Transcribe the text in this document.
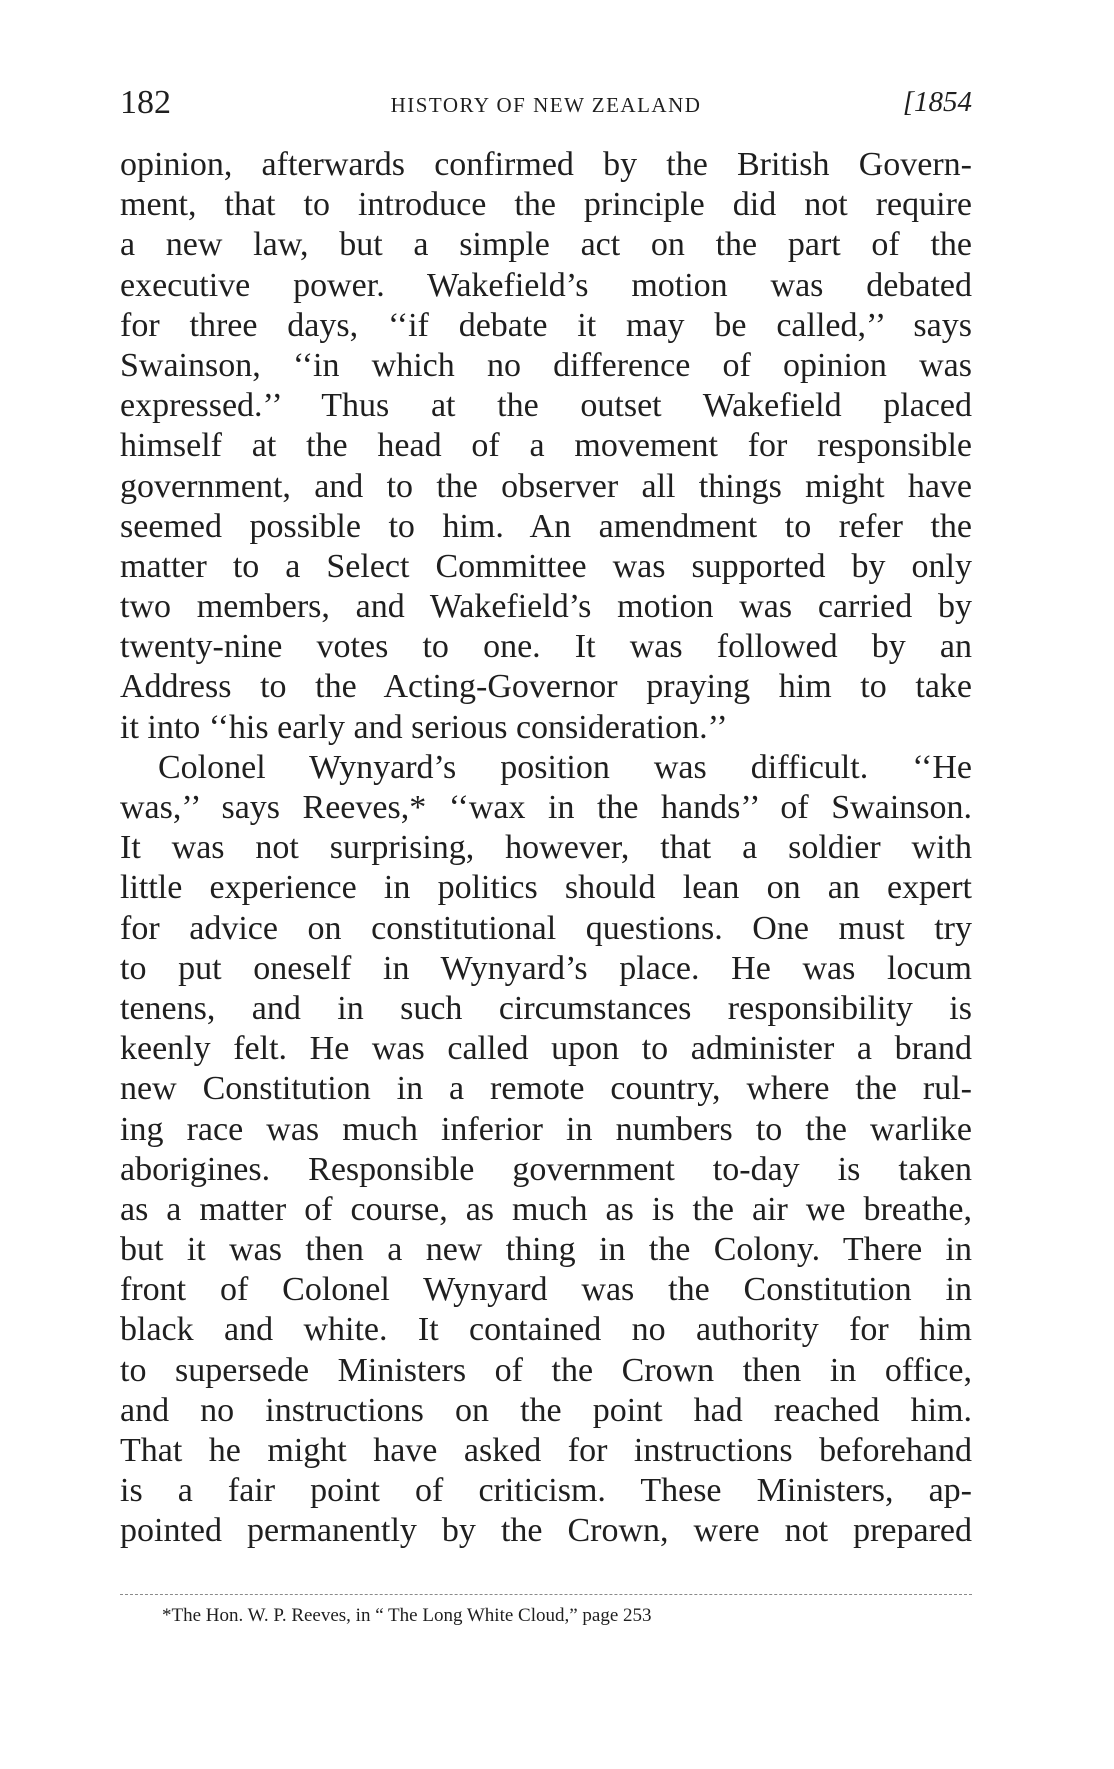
182	HISTORY OF NEW ZEALAND	[1854
opinion, afterwards confirmed by the British Govern-
ment, that to introduce the principle did not require
a new law, but a simple act on the part of the
executive power. Wakefield’s motion was debated
for three days, ‘‘if debate it may be called,’’ says
Swainson, ‘‘in which no difference of opinion was
expressed.’’ Thus at the outset Wakefield placed
himself at the head of a movement for responsible
government, and to the observer all things might have
seemed possible to him. An amendment to refer the
matter to a Select Committee was supported by only
two members, and Wakefield’s motion was carried by
twenty-nine votes to one. It was followed by an
Address to the Acting-Governor praying him to take
it into ‘‘his early and serious consideration.’’
Colonel Wynyard’s position was difficult. ‘‘He
was,’’ says Reeves,* ‘‘wax in the hands’’ of Swainson.
It was not surprising, however, that a soldier with
little experience in politics should lean on an expert
for advice on constitutional questions. One must try
to put oneself in Wynyard’s place. He was locum
tenens, and in such circumstances responsibility is
keenly felt. He was called upon to administer a brand
new Constitution in a remote country, where the rul-
ing race was much inferior in numbers to the warlike
aborigines. Responsible government to-day is taken
as a matter of course, as much as is the air we breathe,
but it was then a new thing in the Colony. There in
front of Colonel Wynyard was the Constitution in
black and white. It contained no authority for him
to supersede Ministers of the Crown then in office,
and no instructions on the point had reached him.
That he might have asked for instructions beforehand
is a fair point of criticism. These Ministers, ap-
pointed permanently by the Crown, were not prepared
*The Hon. W. P. Reeves, in “ The Long White Cloud,” page 253
